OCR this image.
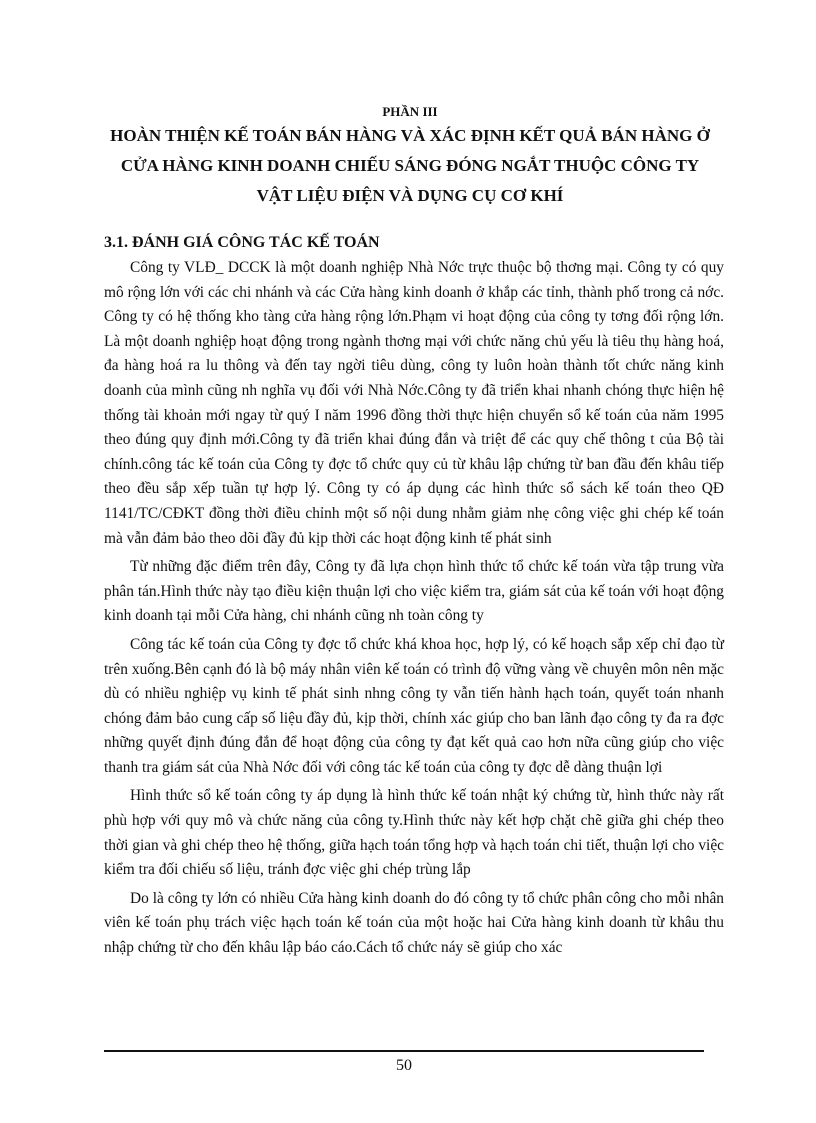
PHẦN III
HOÀN THIỆN KẾ TOÁN BÁN HÀNG VÀ XÁC ĐỊNH KẾT QUẢ BÁN HÀNG Ở
CỬA HÀNG KINH DOANH CHIẾU SÁNG ĐÓNG NGẮT THUỘC CÔNG TY
VẬT LIỆU ĐIỆN VÀ DỤNG CỤ CƠ KHÍ
3.1. ĐÁNH GIÁ CÔNG TÁC KẾ TOÁN

Công ty VLĐ_ DCCK là một doanh nghiệp Nhà Nớc trực thuộc bộ thơng mại. Công ty có quy mô rộng lớn với các chi nhánh và các Cửa hàng kinh doanh ở khắp các tỉnh, thành phố trong cả nớc. Công ty có hệ thống kho tàng cửa hàng rộng lớn.Phạm vi hoạt động của công ty tơng đối rộng lớn. Là một doanh nghiệp hoạt động trong ngành thơng mại với chức năng chủ yếu là tiêu thụ hàng hoá, đa hàng hoá ra lu thông và đến tay ngời tiêu dùng, công ty luôn hoàn thành tốt chức năng kinh doanh của mình cũng nh nghĩa vụ đối với Nhà Nớc.Công ty đã triển khai nhanh chóng thực hiện hệ thống tài khoản mới ngay từ quý I năm 1996 đồng thời thực hiện chuyển sổ kế toán của năm 1995 theo đúng quy định mới.Công ty đã triển khai đúng đắn và triệt để các quy chế thông t của Bộ tài chính.công tác kế toán của Công ty đợc tổ chức quy củ từ khâu lập chứng từ ban đầu đến khâu tiếp theo đều sắp xếp tuần tự hợp lý. Công ty có áp dụng các hình thức sổ sách kế toán theo QĐ 1141/TC/CĐKT đồng thời điều chỉnh một số nội dung nhằm giảm nhẹ công việc ghi chép kế toán mà vẫn đảm bảo theo dõi đầy đủ kịp thời các hoạt động kinh tế phát sinh

Từ những đặc điểm trên đây, Công ty đã lựa chọn hình thức tổ chức kế toán vừa tập trung vừa phân tán.Hình thức này tạo điều kiện thuận lợi cho việc kiểm tra, giám sát của kế toán với hoạt động kinh doanh tại mỗi Cửa hàng, chi nhánh cũng nh toàn công ty

Công tác kế toán của Công ty đợc tổ chức khá khoa học, hợp lý, có kế hoạch sắp xếp chỉ đạo từ trên xuống.Bên cạnh đó là bộ máy nhân viên kế toán có trình độ vững vàng về chuyên môn nên mặc dù có nhiều nghiệp vụ kinh tế phát sinh nhng công ty vẫn tiến hành hạch toán, quyết toán nhanh chóng đảm bảo cung cấp số liệu đầy đủ, kịp thời, chính xác giúp cho ban lãnh đạo công ty đa ra đợc những quyết định đúng đắn để hoạt động của công ty đạt kết quả cao hơn nữa cũng giúp cho việc thanh tra giám sát của Nhà Nớc đối với công tác kế toán của công ty đợc dễ dàng thuận lợi

Hình thức sổ kế toán công ty áp dụng là hình thức kế toán nhật ký chứng từ, hình thức này rất phù hợp với quy mô và chức năng của công ty.Hình thức này kết hợp chặt chẽ giữa ghi chép theo thời gian và ghi chép theo hệ thống, giữa hạch toán tổng hợp và hạch toán chi tiết, thuận lợi cho việc kiểm tra đối chiếu số liệu, tránh đợc việc ghi chép trùng lắp

Do là công ty lớn có nhiều Cửa hàng kinh doanh do đó công ty tổ chức phân công cho mỗi nhân viên kế toán phụ trách việc hạch toán kế toán của một hoặc hai Cửa hàng kinh doanh từ khâu thu nhập chứng từ cho đến khâu lập báo cáo.Cách tổ chức náy sẽ giúp cho xác

50
